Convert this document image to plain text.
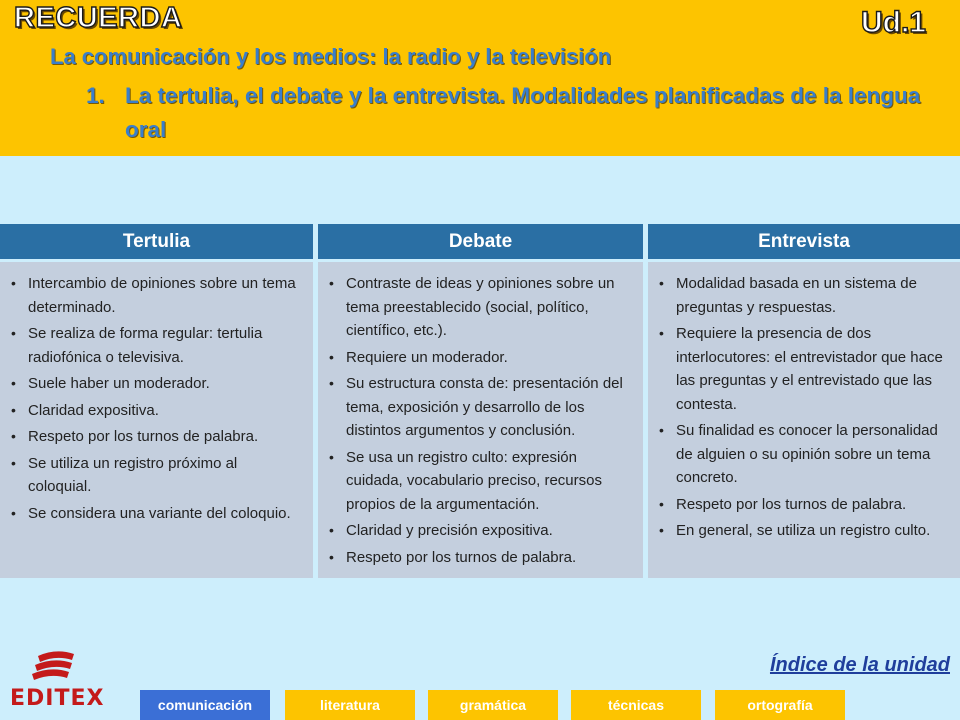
RECUERDA	Ud.1
La comunicación y los medios: la radio y la televisión
1. La tertulia, el debate y la entrevista. Modalidades planificadas de la lengua oral
Tertulia
• Intercambio de opiniones sobre un tema determinado.
• Se realiza de forma regular: tertulia radiofónica o televisiva.
• Suele haber un moderador.
• Claridad expositiva.
• Respeto por los turnos de palabra.
• Se utiliza un registro próximo al coloquial.
• Se considera una variante del coloquio.
Debate
• Contraste de ideas y opiniones sobre un tema preestablecido (social, político, científico, etc.).
• Requiere un moderador.
• Su estructura consta de: presentación del tema, exposición y desarrollo de los distintos argumentos y conclusión.
• Se usa un registro culto: expresión cuidada, vocabulario preciso, recursos propios de la argumentación.
• Claridad y precisión expositiva.
• Respeto por los turnos de palabra.
Entrevista
• Modalidad basada en un sistema de preguntas y respuestas.
• Requiere la presencia de dos interlocutores: el entrevistador que hace las preguntas y el entrevistado que las contesta.
• Su finalidad es conocer la personalidad de alguien o su opinión sobre un tema concreto.
• Respeto por los turnos de palabra.
• En general, se utiliza un registro culto.
Índice de la unidad
EDITEX	comunicación	literatura	gramática	técnicas	ortografía
